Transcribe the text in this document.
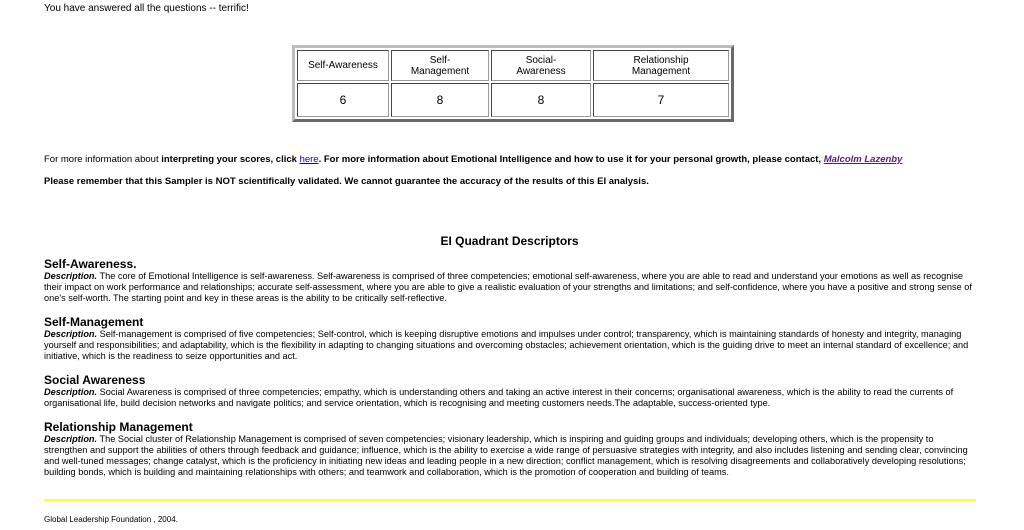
You have answered all the questions -- terrific!
Self-Awareness	Self-Management	Social-Awareness	Relationship Management
6	8	8	7
For more information about interpreting your scores, click here. For more information about Emotional Intelligence and how to use it for your personal growth, please contact, Malcolm Lazenby
Please remember that this Sampler is NOT scientifically validated. We cannot guarantee the accuracy of the results of this EI analysis.
EI Quadrant Descriptors
Self-Awareness.

Description. The core of Emotional Intelligence is self-awareness. Self-awareness is comprised of three competencies; emotional self-awareness, where you are able to read and understand your emotions as well as recognise their impact on work performance and relationships; accurate self-assessment, where you are able to give a realistic evaluation of your strengths and limitations; and self-confidence, where you have a positive and strong sense of one's self-worth. The starting point and key in these areas is the ability to be critically self-reflective.

Self-Management

Description. Self-management is comprised of five competencies; Self-control, which is keeping disruptive emotions and impulses under control; transparency, which is maintaining standards of honesty and integrity, managing yourself and responsibilities; and adaptability, which is the flexibility in adapting to changing situations and overcoming obstacles; achievement orientation, which is the guiding drive to meet an internal standard of excellence; and initiative, which is the readiness to seize opportunities and act.

Social Awareness

Description. Social Awareness is comprised of three competencies; empathy, which is understanding others and taking an active interest in their concerns; organisational awareness, which is the ability to read the currents of organisational life, build decision networks and navigate politics; and service orientation, which is recognising and meeting customers needs.The adaptable, success-oriented type.

Relationship Management

Description. The Social cluster of Relationship Management is comprised of seven competencies; visionary leadership, which is inspiring and guiding groups and individuals; developing others, which is the propensity to strengthen and support the abilities of others through feedback and guidance; influence, which is the ability to exercise a wide range of persuasive strategies with integrity, and also includes listening and sending clear, convincing and well-tuned messages; change catalyst, which is the proficiency in initiating new ideas and leading people in a new direction; conflict management, which is resolving disagreements and collaboratively developing resolutions; building bonds, which is building and maintaining relationships with others; and teamwork and collaboration, which is the promotion of cooperation and building of teams.

Global Leadership Foundation , 2004.
